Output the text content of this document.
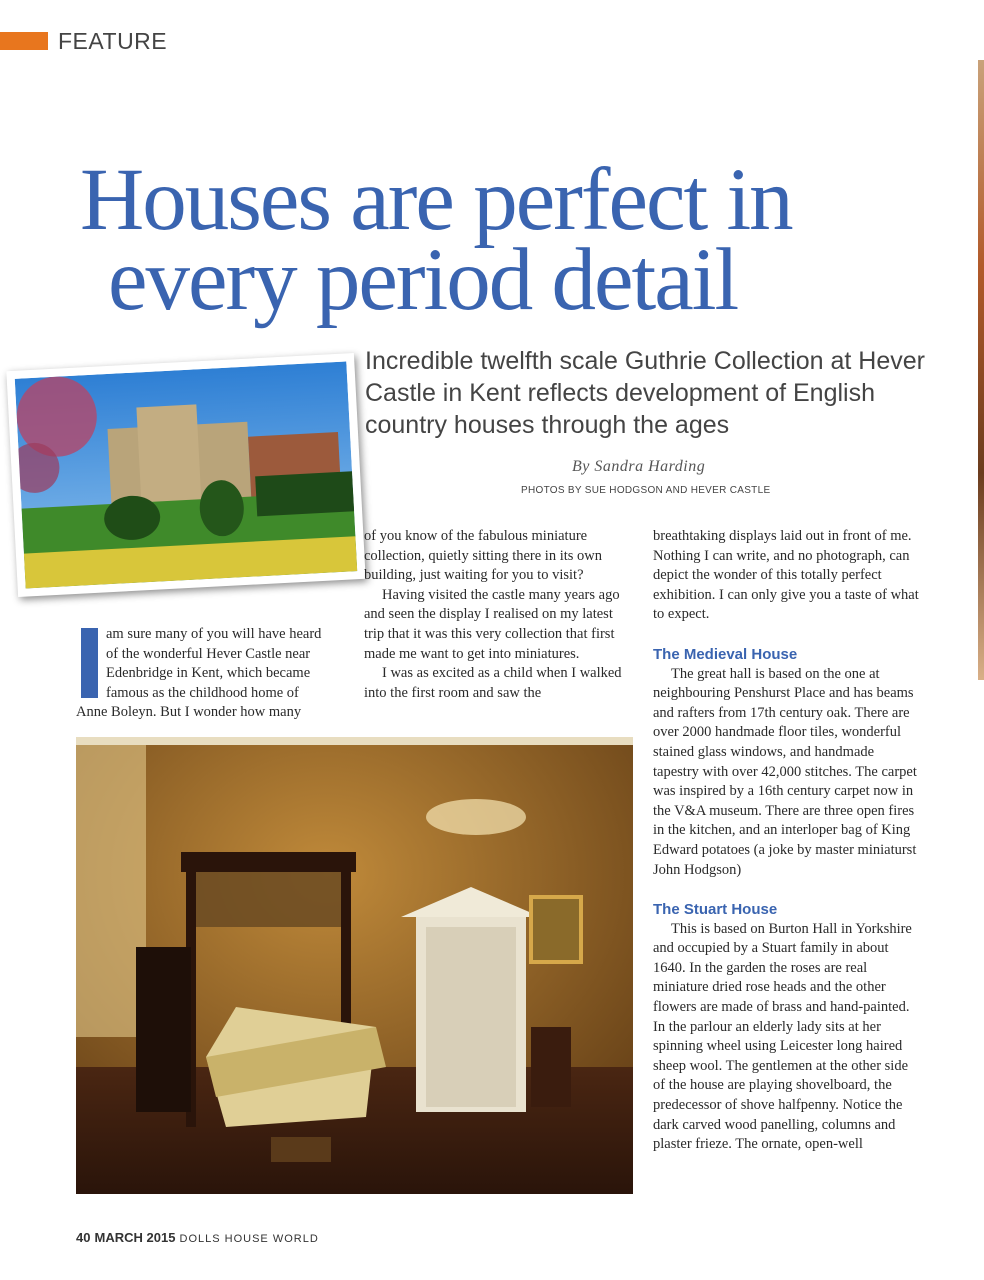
FEATURE
Houses are perfect in
every period detail
Incredible twelfth scale Guthrie Collection at Hever Castle in Kent reflects development of English country houses through the ages
By Sandra Harding
PHOTOS BY SUE HODGSON AND HEVER CASTLE
am sure many of you will have heard
of the wonderful Hever Castle near
Edenbridge in Kent, which became
famous as the childhood home of
Anne Boleyn. But I wonder how many

of you know of the fabulous miniature collection, quietly sitting there in its own building, just waiting for you to visit?

Having visited the castle many years ago and seen the display I realised on my latest trip that it was this very collection that first made me want to get into miniatures.

I was as excited as a child when I walked into the first room and saw the

breathtaking displays laid out in front of me. Nothing I can write, and no photograph, can depict the wonder of this totally perfect exhibition. I can only give you a taste of what to expect.

The Medieval House

The great hall is based on the one at neighbouring Penshurst Place and has beams and rafters from 17th century oak. There are over 2000 handmade floor tiles, wonderful stained glass windows, and handmade tapestry with over 42,000 stitches. The carpet was inspired by a 16th century carpet now in the V&A museum. There are three open fires in the kitchen, and an interloper bag of King Edward potatoes (a joke by master miniaturst John Hodgson)

The Stuart House

This is based on Burton Hall in Yorkshire and occupied by a Stuart family in about 1640. In the garden the roses are real miniature dried rose heads and the other flowers are made of brass and hand-painted. In the parlour an elderly lady sits at her spinning wheel using Leicester long haired sheep wool. The gentlemen at the other side of the house are playing shovelboard, the predecessor of shove halfpenny. Notice the dark carved wood panelling, columns and plaster frieze. The ornate, open-well

40 MARCH 2015 DOLLS HOUSE WORLD
